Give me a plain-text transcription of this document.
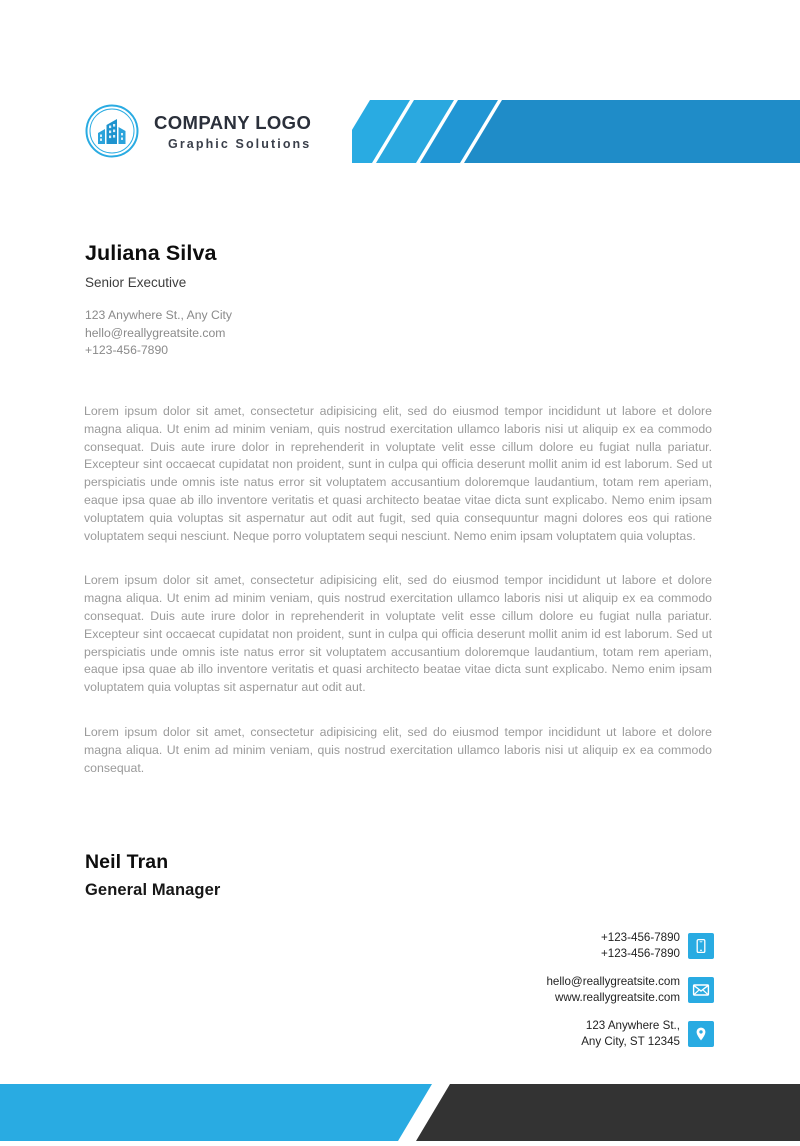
COMPANY LOGO
Graphic Solutions
Juliana Silva
Senior Executive
123 Anywhere St., Any City
hello@reallygreatsite.com
+123-456-7890

Lorem ipsum dolor sit amet, consectetur adipisicing elit, sed do eiusmod tempor incididunt ut labore et dolore magna aliqua. Ut enim ad minim veniam, quis nostrud exercitation ullamco laboris nisi ut aliquip ex ea commodo consequat. Duis aute irure dolor in reprehenderit in voluptate velit esse cillum dolore eu fugiat nulla pariatur. Excepteur sint occaecat cupidatat non proident, sunt in culpa qui officia deserunt mollit anim id est laborum. Sed ut perspiciatis unde omnis iste natus error sit voluptatem accusantium doloremque laudantium, totam rem aperiam, eaque ipsa quae ab illo inventore veritatis et quasi architecto beatae vitae dicta sunt explicabo. Nemo enim ipsam voluptatem quia voluptas sit aspernatur aut odit aut fugit, sed quia consequuntur magni dolores eos qui ratione voluptatem sequi nesciunt. Neque porro voluptatem sequi nesciunt. Nemo enim ipsam voluptatem quia voluptas.

Lorem ipsum dolor sit amet, consectetur adipisicing elit, sed do eiusmod tempor incididunt ut labore et dolore magna aliqua. Ut enim ad minim veniam, quis nostrud exercitation ullamco laboris nisi ut aliquip ex ea commodo consequat. Duis aute irure dolor in reprehenderit in voluptate velit esse cillum dolore eu fugiat nulla pariatur. Excepteur sint occaecat cupidatat non proident, sunt in culpa qui officia deserunt mollit anim id est laborum. Sed ut perspiciatis unde omnis iste natus error sit voluptatem accusantium doloremque laudantium, totam rem aperiam, eaque ipsa quae ab illo inventore veritatis et quasi architecto beatae vitae dicta sunt explicabo. Nemo enim ipsam voluptatem quia voluptas sit aspernatur aut odit aut.

Lorem ipsum dolor sit amet, consectetur adipisicing elit, sed do eiusmod tempor incididunt ut labore et dolore magna aliqua. Ut enim ad minim veniam, quis nostrud exercitation ullamco laboris nisi ut aliquip ex ea commodo consequat.

Neil Tran
General Manager
+123-456-7890
+123-456-7890
hello@reallygreatsite.com
www.reallygreatsite.com
123 Anywhere St.,
Any City, ST 12345
